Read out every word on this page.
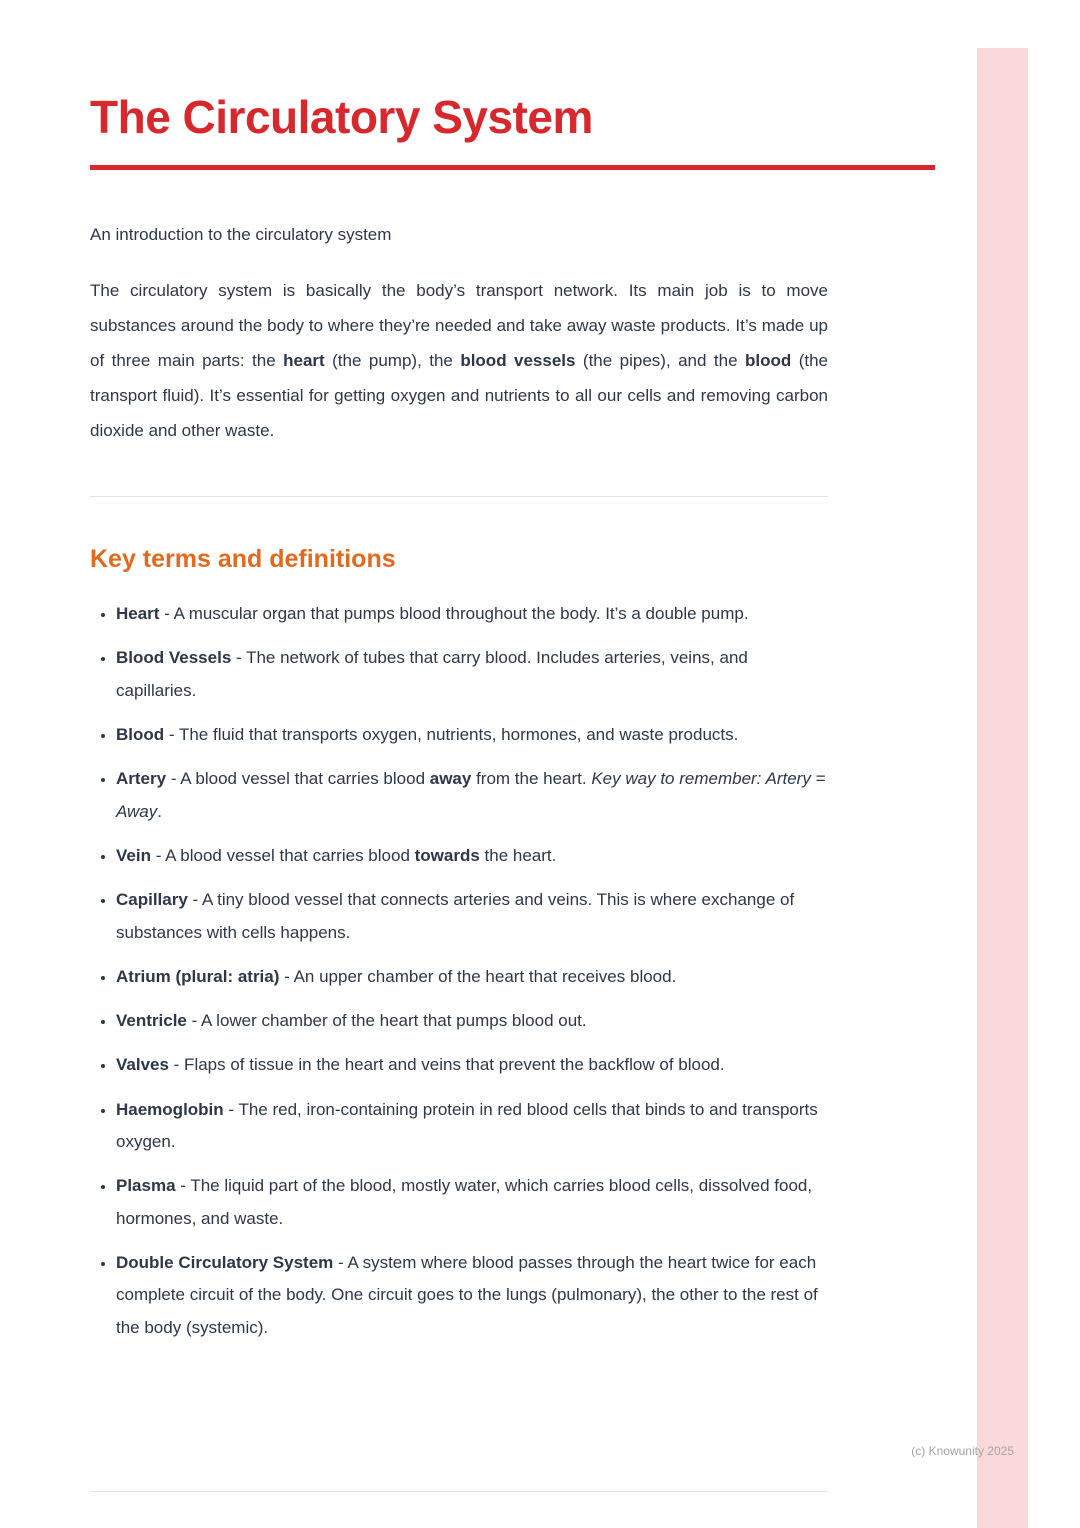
The Circulatory System
An introduction to the circulatory system

The circulatory system is basically the body’s transport network. Its main job is to move substances around the body to where they’re needed and take away waste products. It’s made up of three main parts: the heart (the pump), the blood vessels (the pipes), and the blood (the transport fluid). It’s essential for getting oxygen and nutrients to all our cells and removing carbon dioxide and other waste.

Key terms and definitions
• Heart - A muscular organ that pumps blood throughout the body. It’s a double pump.
• Blood Vessels - The network of tubes that carry blood. Includes arteries, veins, and capillaries.
• Blood - The fluid that transports oxygen, nutrients, hormones, and waste products.
• Artery - A blood vessel that carries blood away from the heart. Key way to remember: Artery = Away.
• Vein - A blood vessel that carries blood towards the heart.
• Capillary - A tiny blood vessel that connects arteries and veins. This is where exchange of substances with cells happens.
• Atrium (plural: atria) - An upper chamber of the heart that receives blood.
• Ventricle - A lower chamber of the heart that pumps blood out.
• Valves - Flaps of tissue in the heart and veins that prevent the backflow of blood.
• Haemoglobin - The red, iron-containing protein in red blood cells that binds to and transports oxygen.
• Plasma - The liquid part of the blood, mostly water, which carries blood cells, dissolved food, hormones, and waste.
• Double Circulatory System - A system where blood passes through the heart twice for each complete circuit of the body. One circuit goes to the lungs (pulmonary), the other to the rest of the body (systemic).
(c) Knowunity 2025
